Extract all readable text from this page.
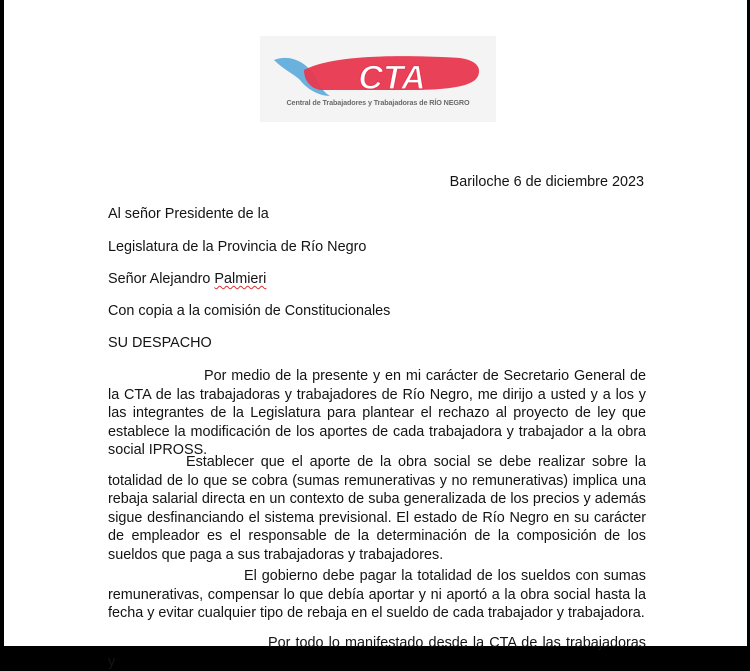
CTA
Central de Trabajadores y Trabajadoras de RÍO NEGRO
Bariloche 6 de diciembre 2023
Al señor Presidente de la
Legislatura de la Provincia de Río Negro
Señor Alejandro Palmieri
Con copia a la comisión de Constitucionales
SU DESPACHO

Por medio de la presente y en mi carácter de Secretario General de la CTA de las trabajadoras y trabajadores de Río Negro, me dirijo a usted y a los y las integrantes de la Legislatura para plantear el rechazo al proyecto de ley que establece la modificación de los aportes de cada trabajadora y trabajador a la obra social IPROSS.

Establecer que el aporte de la obra social se debe realizar sobre la totalidad de lo que se cobra (sumas remunerativas y no remunerativas) implica una rebaja salarial directa en un contexto de suba generalizada de los precios y además sigue desfinanciando el sistema previsional. El estado de Río Negro en su carácter de empleador es el responsable de la determinación de la composición de los sueldos que paga a sus trabajadoras y trabajadores.

El gobierno debe pagar la totalidad de los sueldos con sumas remunerativas, compensar lo que debía aportar y ni aportó a la obra social hasta la fecha y evitar cualquier tipo de rebaja en el sueldo de cada trabajador y trabajadora.

Por todo lo manifestado desde la CTA de las trabajadoras y
